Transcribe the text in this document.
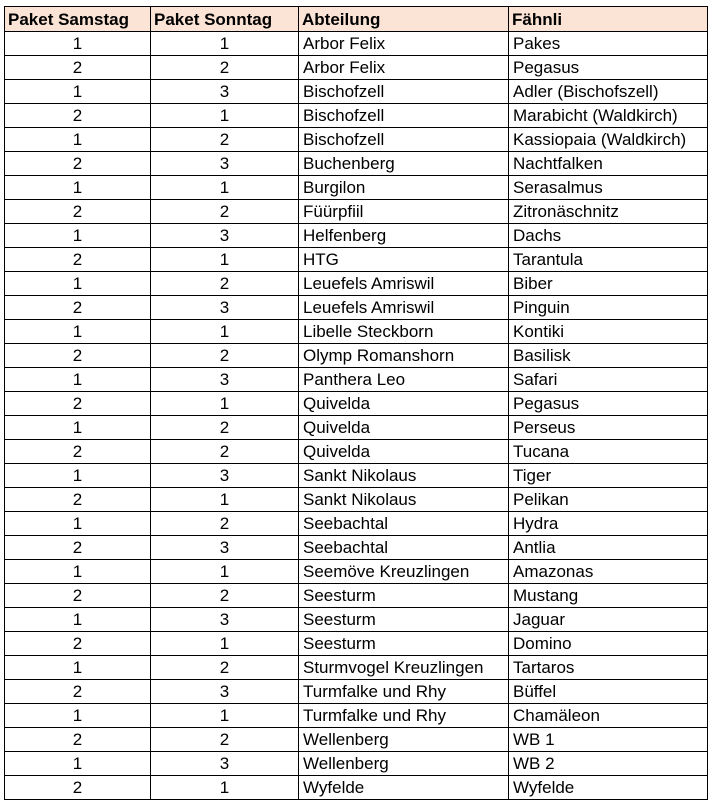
Paket Samstag	Paket Sonntag	Abteilung	Fähnli
1	1	Arbor Felix	Pakes
2	2	Arbor Felix	Pegasus
1	3	Bischofzell	Adler (Bischofszell)
2	1	Bischofzell	Marabicht (Waldkirch)
1	2	Bischofzell	Kassiopaia (Waldkirch)
2	3	Buchenberg	Nachtfalken
1	1	Burgilon	Serasalmus
2	2	Füürpfiil	Zitronäschnitz
1	3	Helfenberg	Dachs
2	1	HTG	Tarantula
1	2	Leuefels Amriswil	Biber
2	3	Leuefels Amriswil	Pinguin
1	1	Libelle Steckborn	Kontiki
2	2	Olymp Romanshorn	Basilisk
1	3	Panthera Leo	Safari
2	1	Quivelda	Pegasus
1	2	Quivelda	Perseus
2	2	Quivelda	Tucana
1	3	Sankt Nikolaus	Tiger
2	1	Sankt Nikolaus	Pelikan
1	2	Seebachtal	Hydra
2	3	Seebachtal	Antlia
1	1	Seemöve Kreuzlingen	Amazonas
2	2	Seesturm	Mustang
1	3	Seesturm	Jaguar
2	1	Seesturm	Domino
1	2	Sturmvogel Kreuzlingen	Tartaros
2	3	Turmfalke und Rhy	Büffel
1	1	Turmfalke und Rhy	Chamäleon
2	2	Wellenberg	WB 1
1	3	Wellenberg	WB 2
2	1	Wyfelde	Wyfelde
